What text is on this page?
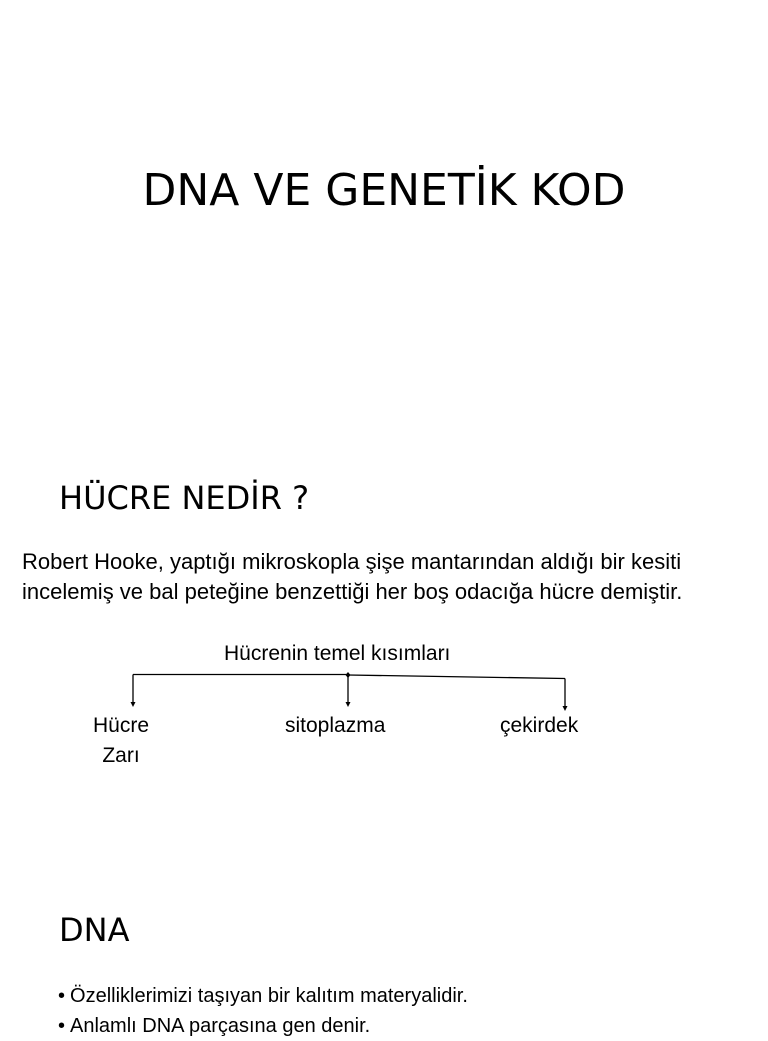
DNA VE GENETİK KOD
HÜCRE NEDİR ?
Robert Hooke, yaptığı mikroskopla şişe mantarından aldığı bir kesiti
incelemiş ve bal peteğine benzettiği her boş odacığa hücre demiştir.
Hücrenin temel kısımları
Hücre
Zarı
sitoplazma	çekirdek
DNA
• Özelliklerimizi taşıyan bir kalıtım materyalidir.
• Anlamlı DNA parçasına gen denir.
